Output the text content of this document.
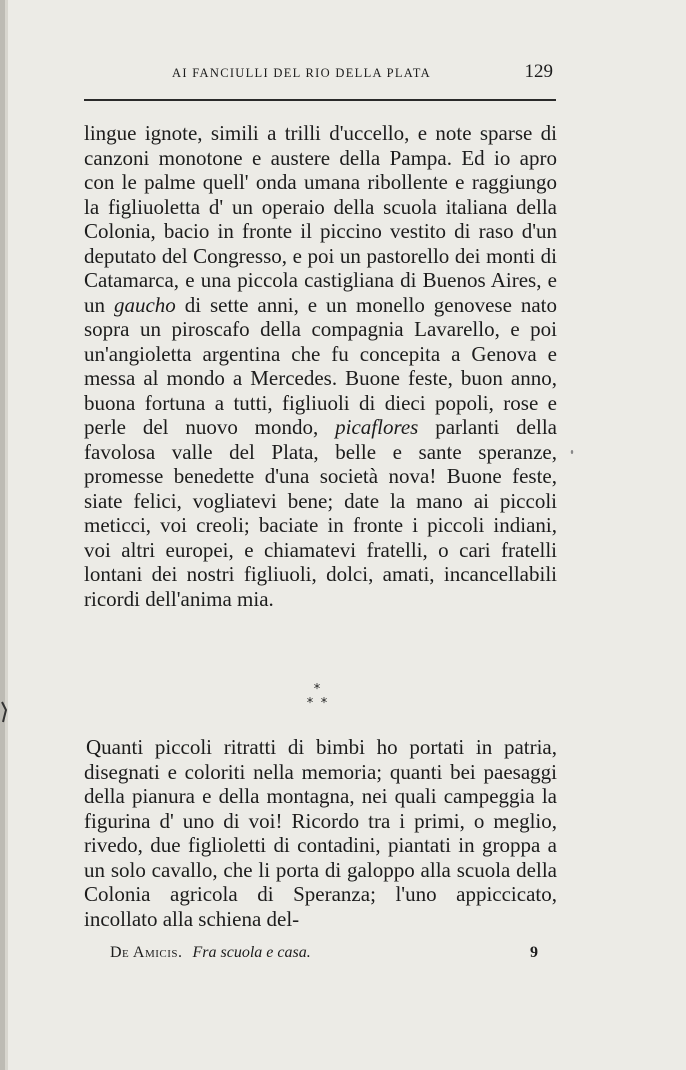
AI FANCIULLI DEL RIO DELLA PLATA	129

lingue ignote, simili a trilli d'uccello, e note sparse di canzoni monotone e austere della Pampa. Ed io apro con le palme quell' onda umana ribollente e raggiungo la figliuoletta d' un operaio della scuola italiana della Colonia, bacio in fronte il piccino vestito di raso d'un deputato del Congresso, e poi un pastorello dei monti di Catamarca, e una piccola castigliana di Buenos Aires, e un gaucho di sette anni, e un monello genovese nato sopra un piroscafo della compagnia Lavarello, e poi un'angioletta argentina che fu concepita a Genova e messa al mondo a Mercedes. Buone feste, buon anno, buona fortuna a tutti, figliuoli di dieci popoli, rose e perle del nuovo mondo, picaflores parlanti della favolosa valle del Plata, belle e sante speranze, promesse benedette d'una società nova! Buone feste, siate felici, vogliatevi bene; date la mano ai piccoli meticci, voi creoli; baciate in fronte i piccoli indiani, voi altri europei, e chiamatevi fratelli, o cari fratelli lontani dei nostri figliuoli, dolci, amati, incancellabili ricordi dell'anima mia.

*
* *

Quanti piccoli ritratti di bimbi ho portati in patria, disegnati e coloriti nella memoria; quanti bei paesaggi della pianura e della montagna, nei quali campeggia la figurina d' uno di voi! Ricordo tra i primi, o meglio, rivedo, due figlioletti di contadini, piantati in groppa a un solo cavallo, che li porta di galoppo alla scuola della Colonia agricola di Speranza; l'uno appiccicato, incollato alla schiena del-

De Amicis. Fra scuola e casa.	9
